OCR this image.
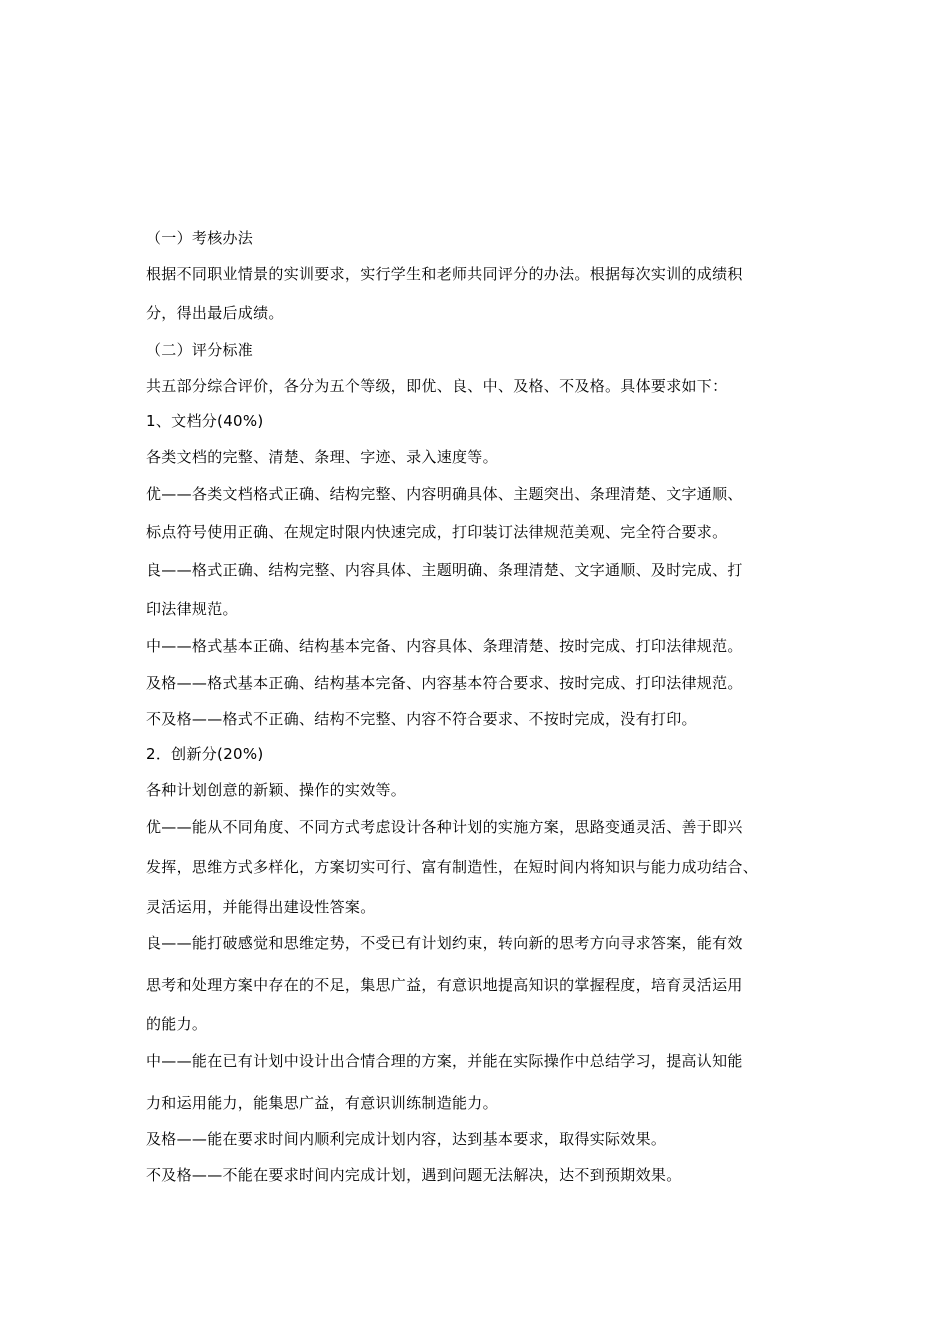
（一）考核办法
根据不同职业情景的实训要求，实行学生和老师共同评分的办法。根据每次实训的成绩积
分，得出最后成绩。
（二）评分标准
共五部分综合评价，各分为五个等级，即优、良、中、及格、不及格。具体要求如下：
1、文档分(40%)
各类文档的完整、清楚、条理、字迹、录入速度等。
优——各类文档格式正确、结构完整、内容明确具体、主题突出、条理清楚、文字通顺、
标点符号使用正确、在规定时限内快速完成，打印装订法律规范美观、完全符合要求。
良——格式正确、结构完整、内容具体、主题明确、条理清楚、文字通顺、及时完成、打
印法律规范。
中——格式基本正确、结构基本完备、内容具体、条理清楚、按时完成、打印法律规范。
及格——格式基本正确、结构基本完备、内容基本符合要求、按时完成、打印法律规范。
不及格——格式不正确、结构不完整、内容不符合要求、不按时完成，没有打印。
2．创新分(20%)
各种计划创意的新颖、操作的实效等。
优——能从不同角度、不同方式考虑设计各种计划的实施方案，思路变通灵活、善于即兴
发挥，思维方式多样化，方案切实可行、富有制造性，在短时间内将知识与能力成功结合、
灵活运用，并能得出建设性答案。
良——能打破感觉和思维定势，不受已有计划约束，转向新的思考方向寻求答案，能有效
思考和处理方案中存在的不足，集思广益，有意识地提高知识的掌握程度，培育灵活运用
的能力。
中——能在已有计划中设计出合情合理的方案，并能在实际操作中总结学习，提高认知能
力和运用能力，能集思广益，有意识训练制造能力。
及格——能在要求时间内顺利完成计划内容，达到基本要求，取得实际效果。
不及格——不能在要求时间内完成计划，遇到问题无法解决，达不到预期效果。
